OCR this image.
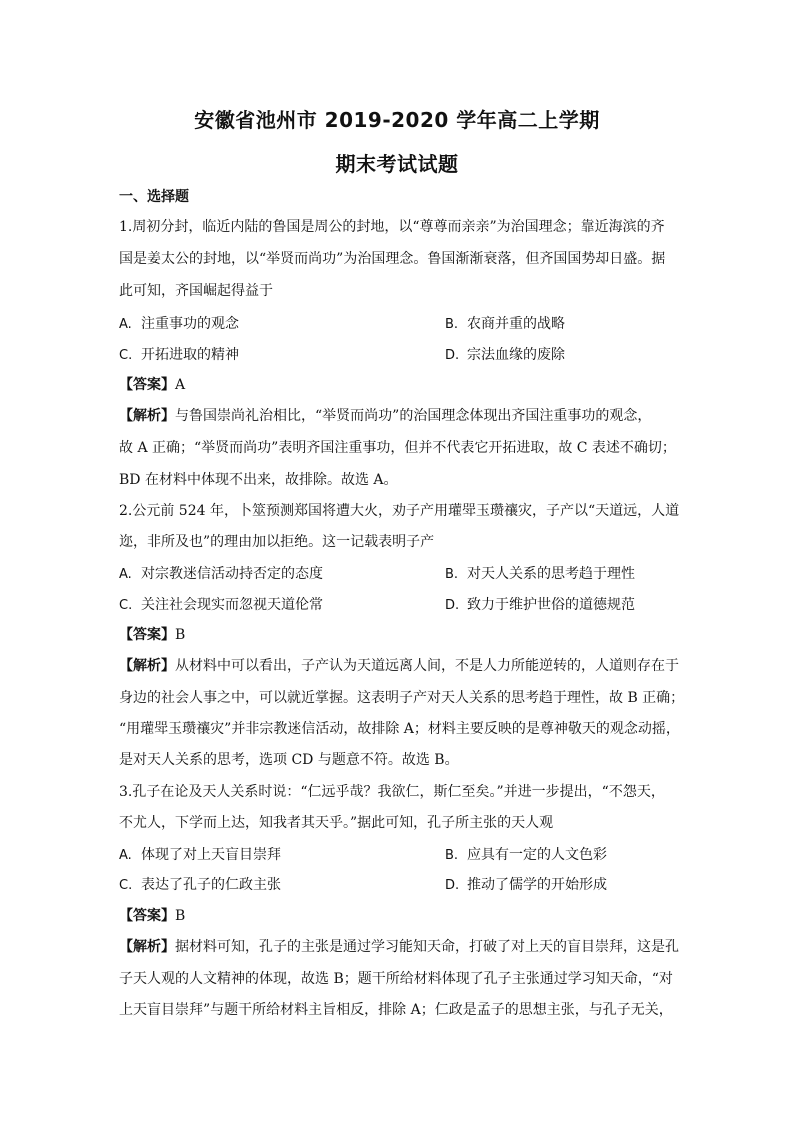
安徽省池州市 2019-2020 学年高二上学期
期末考试试题
一、选择题
1.周初分封，临近内陆的鲁国是周公的封地，以“尊尊而亲亲”为治国理念；靠近海滨的齐
国是姜太公的封地，以“举贤而尚功”为治国理念。鲁国渐渐衰落，但齐国国势却日盛。据
此可知，齐国崛起得益于
A. 注重事功的观念	B. 农商并重的战略
C. 开拓进取的精神	D. 宗法血缘的废除
【答案】A
【解析】与鲁国崇尚礼治相比，“举贤而尚功”的治国理念体现出齐国注重事功的观念，
故 A 正确；“举贤而尚功”表明齐国注重事功，但并不代表它开拓进取，故 C 表述不确切；
BD 在材料中体现不出来，故排除。故选 A。
2.公元前 524 年，卜筮预测郑国将遭大火，劝子产用瓘斝玉瓒禳灾，子产以“天道远，人道
迩，非所及也”的理由加以拒绝。这一记载表明子产
A. 对宗教迷信活动持否定的态度	B. 对天人关系的思考趋于理性
C. 关注社会现实而忽视天道伦常	D. 致力于维护世俗的道德规范
【答案】B
【解析】从材料中可以看出，子产认为天道远离人间，不是人力所能逆转的，人道则存在于
身边的社会人事之中，可以就近掌握。这表明子产对天人关系的思考趋于理性，故 B 正确；
“用瓘斝玉瓒禳灾”并非宗教迷信活动，故排除 A；材料主要反映的是尊神敬天的观念动摇，
是对天人关系的思考，选项 CD 与题意不符。故选 B。
3.孔子在论及天人关系时说：“仁远乎哉？我欲仁，斯仁至矣。”并进一步提出，“不怨天，
不尤人，下学而上达，知我者其天乎。”据此可知，孔子所主张的天人观
A. 体现了对上天盲目崇拜	B. 应具有一定的人文色彩
C. 表达了孔子的仁政主张	D. 推动了儒学的开始形成
【答案】B
【解析】据材料可知，孔子的主张是通过学习能知天命，打破了对上天的盲目崇拜，这是孔
子天人观的人文精神的体现，故选 B；题干所给材料体现了孔子主张通过学习知天命，“对
上天盲目崇拜”与题干所给材料主旨相反，排除 A；仁政是孟子的思想主张，与孔子无关，
